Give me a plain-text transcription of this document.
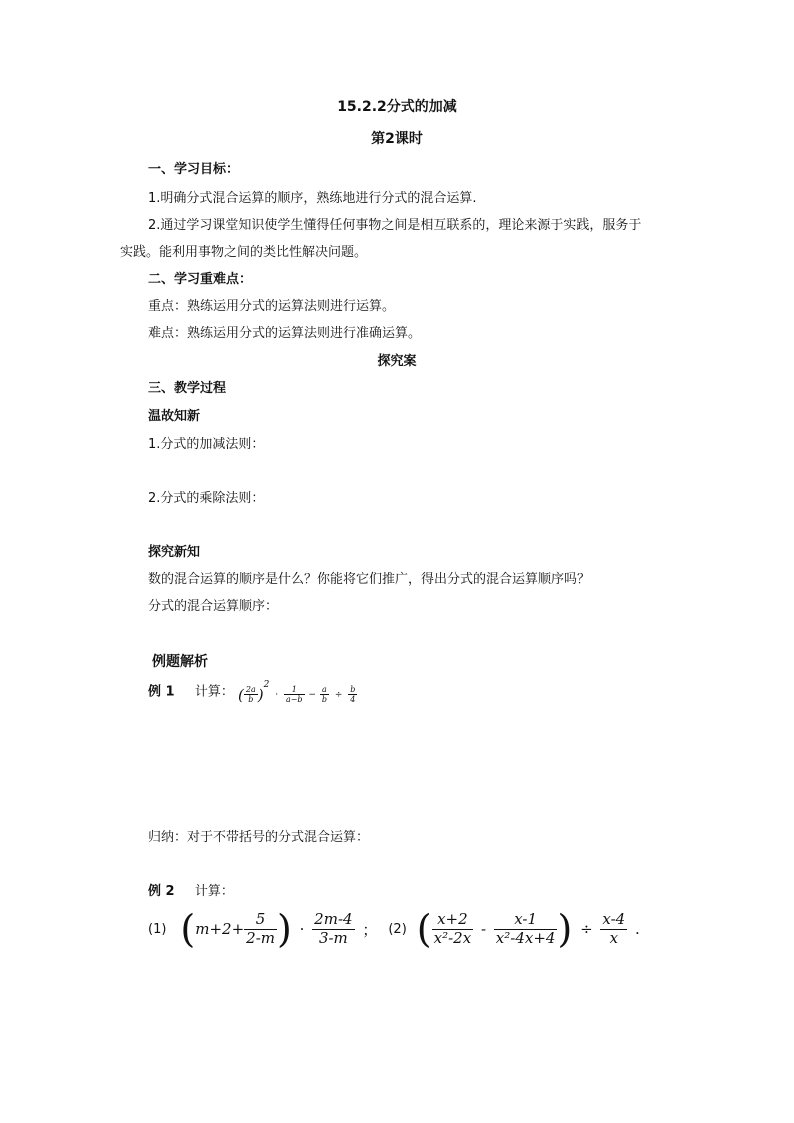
15.2.2分式的加减
第2课时
一、学习目标：
1.明确分式混合运算的顺序，熟练地进行分式的混合运算.
2.通过学习课堂知识使学生懂得任何事物之间是相互联系的，理论来源于实践，服务于
实践。能利用事物之间的类比性解决问题。
二、学习重难点：
重点：熟练运用分式的运算法则进行运算。
难点：熟练运用分式的运算法则进行准确运算。
探究案
三、教学过程
温故知新
1.分式的加减法则：
2.分式的乘除法则：
探究新知
数的混合运算的顺序是什么？你能将它们推广，得出分式的混合运算顺序吗？
分式的混合运算顺序：
例题解析
例 1 计算： ( $\frac{2a}{b} )^2 \cdot \frac{1}{a-b} - \frac{a}{b} \div \frac{b}{4}$
归纳：对于不带括号的分式混合运算：
例 2 计算：
(1) ($m+2+ \frac{5}{2-m}$ ) · $\frac{2m-4}{3-m}$ ； (2) ( $\frac{x+2}{\text{x²-2x}} - \frac{x-1}{\text{x²-4x+4}}$ ) ÷ $\frac{x-4}{x}$ .
